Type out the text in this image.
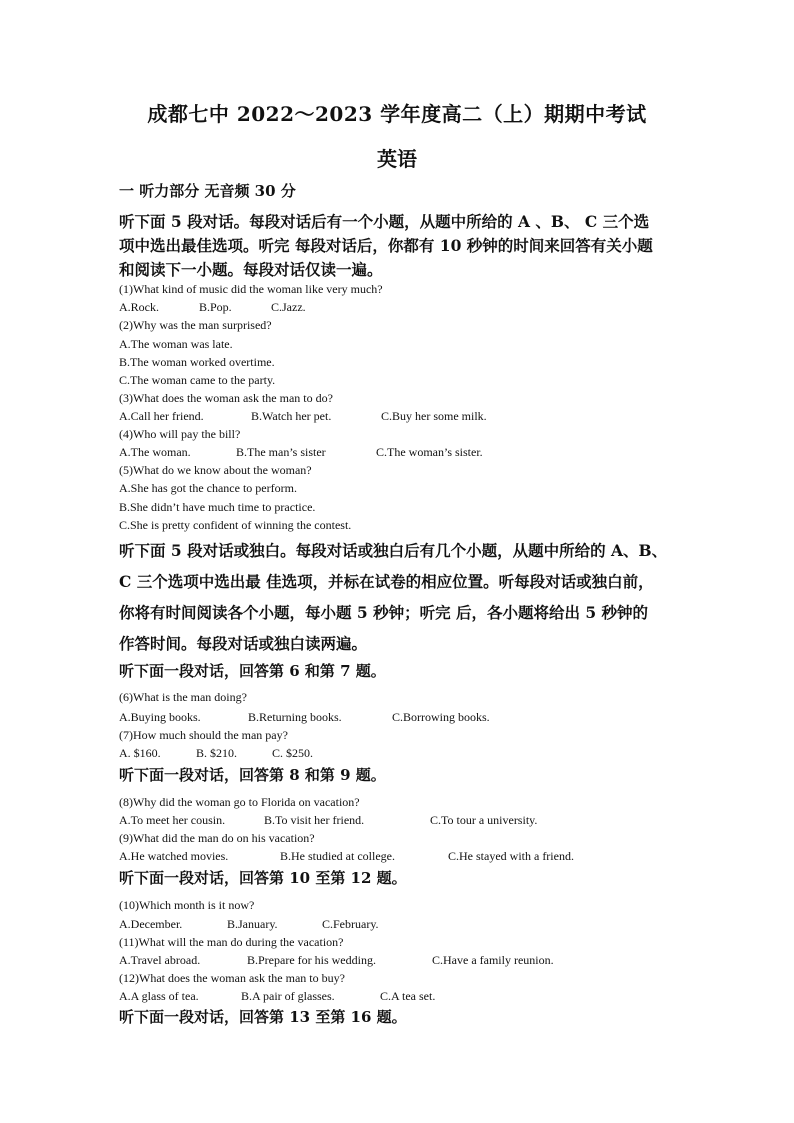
成都七中 2022～2023 学年度高二（上）期期中考试
英语
一 听力部分 无音频 30 分
听下面 5 段对话。每段对话后有一个小题，从题中所给的 A 、B、 C 三个选
项中选出最佳选项。听完 每段对话后，你都有 10 秒钟的时间来回答有关小题
和阅读下一小题。每段对话仅读一遍。
(1)What kind of music did the woman like very much?
A.Rock.	B.Pop.	C.Jazz.
(2)Why was the man surprised?
A.The woman was late.
B.The woman worked overtime.
C.The woman came to the party.
(3)What does the woman ask the man to do?
A.Call her friend.	B.Watch her pet.	C.Buy her some milk.
(4)Who will pay the bill?
A.The woman.	B.The man’s sister	C.The woman’s sister.
(5)What do we know about the woman?
A.She has got the chance to perform.
B.She didn’t have much time to practice.
C.She is pretty confident of winning the contest.
听下面 5 段对话或独白。每段对话或独白后有几个小题，从题中所给的 A、B、
C 三个选项中选出最 佳选项，并标在试卷的相应位置。听每段对话或独白前，
你将有时间阅读各个小题，每小题 5 秒钟；听完 后，各小题将给出 5 秒钟的
作答时间。每段对话或独白读两遍。
听下面一段对话，回答第 6 和第 7 题。
(6)What is the man doing?
A.Buying books.	B.Returning books.	C.Borrowing books.
(7)How much should the man pay?
A. $160.	B. $210.	C. $250.
听下面一段对话，回答第 8 和第 9 题。
(8)Why did the woman go to Florida on vacation?
A.To meet her cousin.	B.To visit her friend.	C.To tour a university.
(9)What did the man do on his vacation?
A.He watched movies.	B.He studied at college.	C.He stayed with a friend.
听下面一段对话，回答第 10 至第 12 题。
(10)Which month is it now?
A.December.	B.January.	C.February.
(11)What will the man do during the vacation?
A.Travel abroad.	B.Prepare for his wedding.	C.Have a family reunion.
(12)What does the woman ask the man to buy?
A.A glass of tea.	B.A pair of glasses.	C.A tea set.
听下面一段对话，回答第 13 至第 16 题。
